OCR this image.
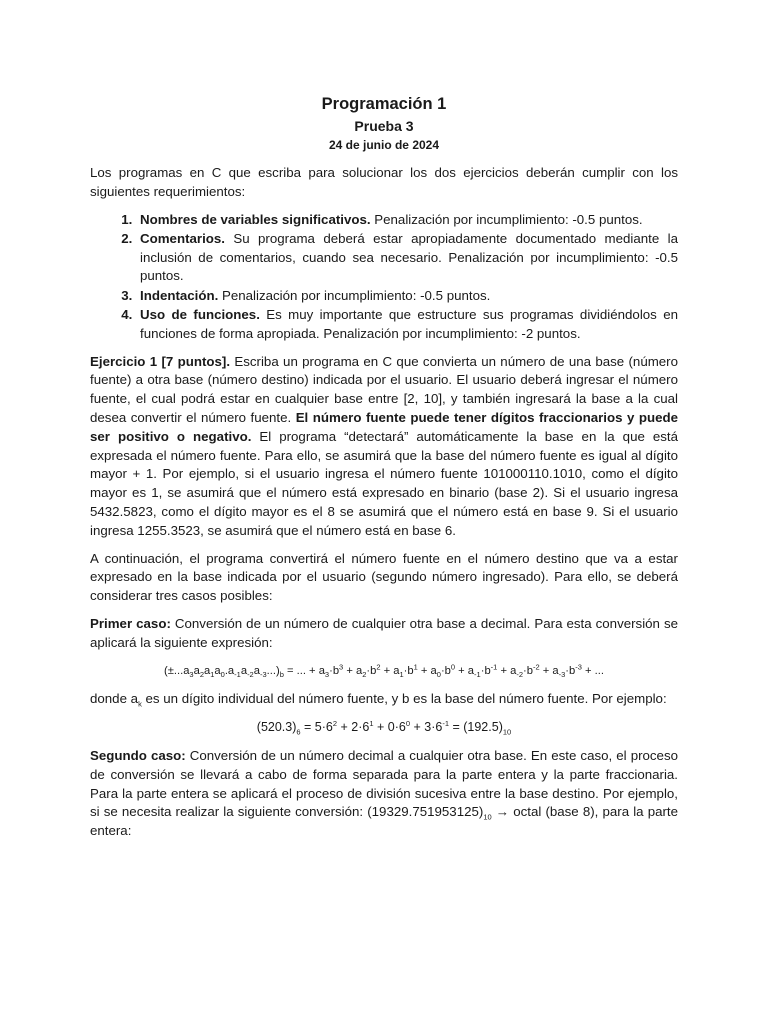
Programación 1
Prueba 3
24 de junio de 2024

Los programas en C que escriba para solucionar los dos ejercicios deberán cumplir con los siguientes requerimientos:

1. Nombres de variables significativos. Penalización por incumplimiento: -0.5 puntos.
2. Comentarios. Su programa deberá estar apropiadamente documentado mediante la inclusión de comentarios, cuando sea necesario. Penalización por incumplimiento: -0.5 puntos.
3. Indentación. Penalización por incumplimiento: -0.5 puntos.
4. Uso de funciones. Es muy importante que estructure sus programas dividiéndolos en funciones de forma apropiada. Penalización por incumplimiento: -2 puntos.

Ejercicio 1 [7 puntos]. Escriba un programa en C que convierta un número de una base (número fuente) a otra base (número destino) indicada por el usuario. El usuario deberá ingresar el número fuente, el cual podrá estar en cualquier base entre [2, 10], y también ingresará la base a la cual desea convertir el número fuente. El número fuente puede tener dígitos fraccionarios y puede ser positivo o negativo. El programa “detectará” automáticamente la base en la que está expresada el número fuente. Para ello, se asumirá que la base del número fuente es igual al dígito mayor + 1. Por ejemplo, si el usuario ingresa el número fuente 101000110.1010, como el dígito mayor es 1, se asumirá que el número está expresado en binario (base 2). Si el usuario ingresa 5432.5823, como el dígito mayor es el 8 se asumirá que el número está en base 9. Si el usuario ingresa 1255.3523, se asumirá que el número está en base 6.

A continuación, el programa convertirá el número fuente en el número destino que va a estar expresado en la base indicada por el usuario (segundo número ingresado). Para ello, se deberá considerar tres casos posibles:

Primer caso: Conversión de un número de cualquier otra base a decimal. Para esta conversión se aplicará la siguiente expresión:

$(\pm...a_3a_2a_1a_0.a_{-1}a_{-2}a_{-3}...)_b$ = ... + $a_3\cdot b^3 + a_2\cdot b^2 + a_1\cdot b^1 + a_0\cdot b^0 + a_{-1}\cdot b^{-1} + a_{-2}\cdot b^{-2} + a_{-3}\cdot b^{-3}$ + ...

donde $a_k$ es un dígito individual del número fuente, y b es la base del número fuente. Por ejemplo:

$(520.3)_6 = 5\cdot 6^2 + 2\cdot 6^1 + 0\cdot 6^0 + 3\cdot 6^{-1} = (192.5)_{10}$

Segundo caso: Conversión de un número decimal a cualquier otra base. En este caso, el proceso de conversión se llevará a cabo de forma separada para la parte entera y la parte fraccionaria. Para la parte entera se aplicará el proceso de división sucesiva entre la base destino. Por ejemplo, si se necesita realizar la siguiente conversión: $(19329.751953125)_{10}$ → octal (base 8), para la parte entera:
